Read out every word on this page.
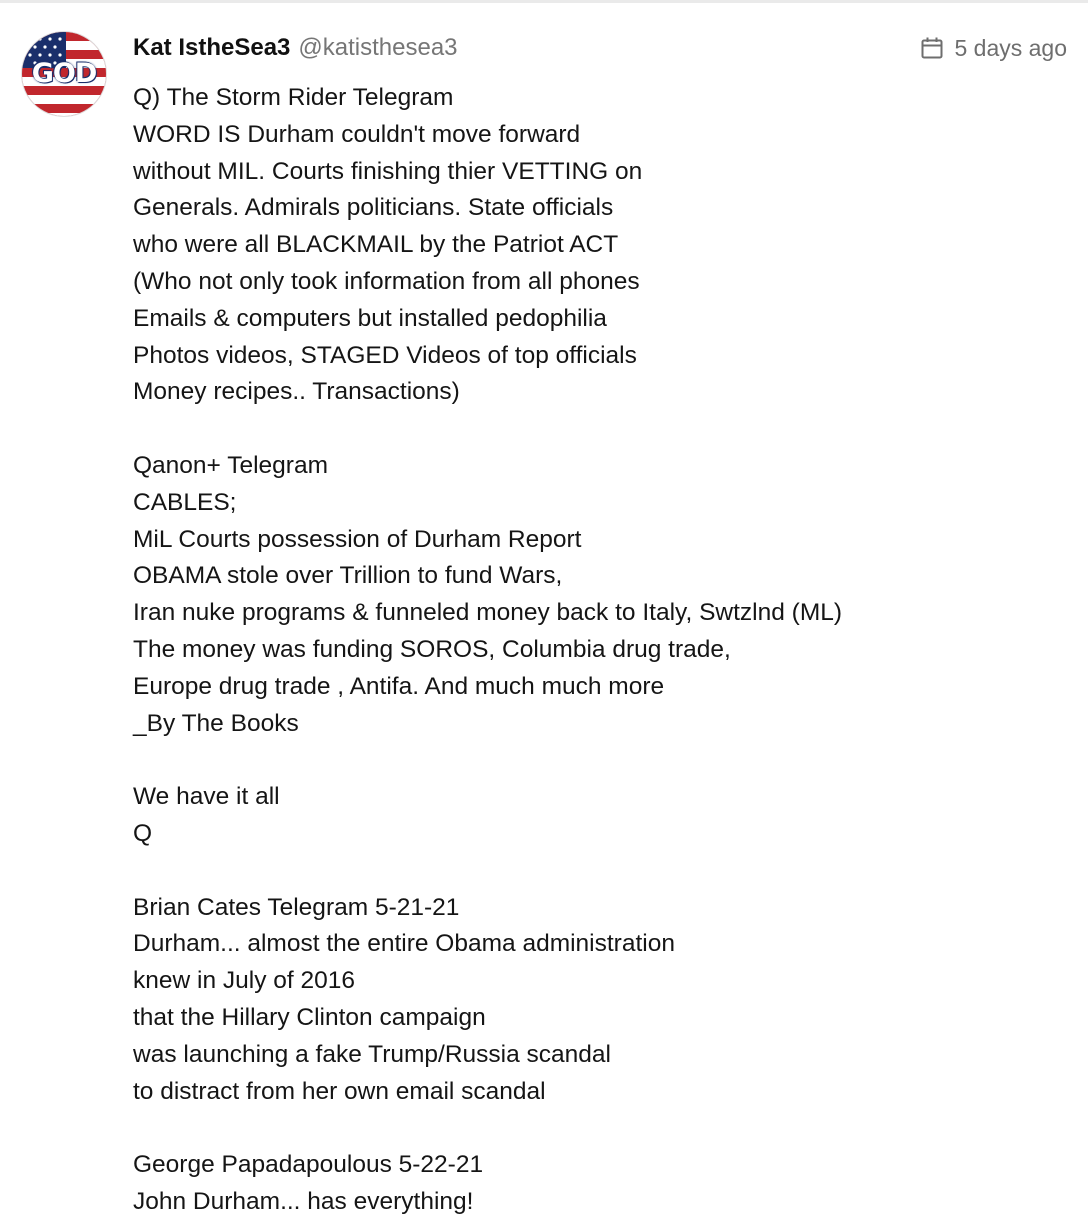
GOD
Kat IstheSea3 @katisthesea3	5 days ago
Q) The Storm Rider Telegram
WORD IS Durham couldn't move forward
without MIL. Courts finishing thier VETTING on
Generals. Admirals politicians. State officials
who were all BLACKMAIL by the Patriot ACT
(Who not only took information from all phones
Emails & computers but installed pedophilia
Photos videos, STAGED Videos of top officials
Money recipes.. Transactions)
Qanon+ Telegram
CABLES;
MiL Courts possession of Durham Report
OBAMA stole over Trillion to fund Wars,
Iran nuke programs & funneled money back to Italy, Swtzlnd (ML)
The money was funding SOROS, Columbia drug trade,
Europe drug trade , Antifa. And much much more
_By The Books
We have it all
Q
Brian Cates Telegram 5-21-21
Durham... almost the entire Obama administration
knew in July of 2016
that the Hillary Clinton campaign
was launching a fake Trump/Russia scandal
to distract from her own email scandal
George Papadapoulous 5-22-21
John Durham... has everything!
